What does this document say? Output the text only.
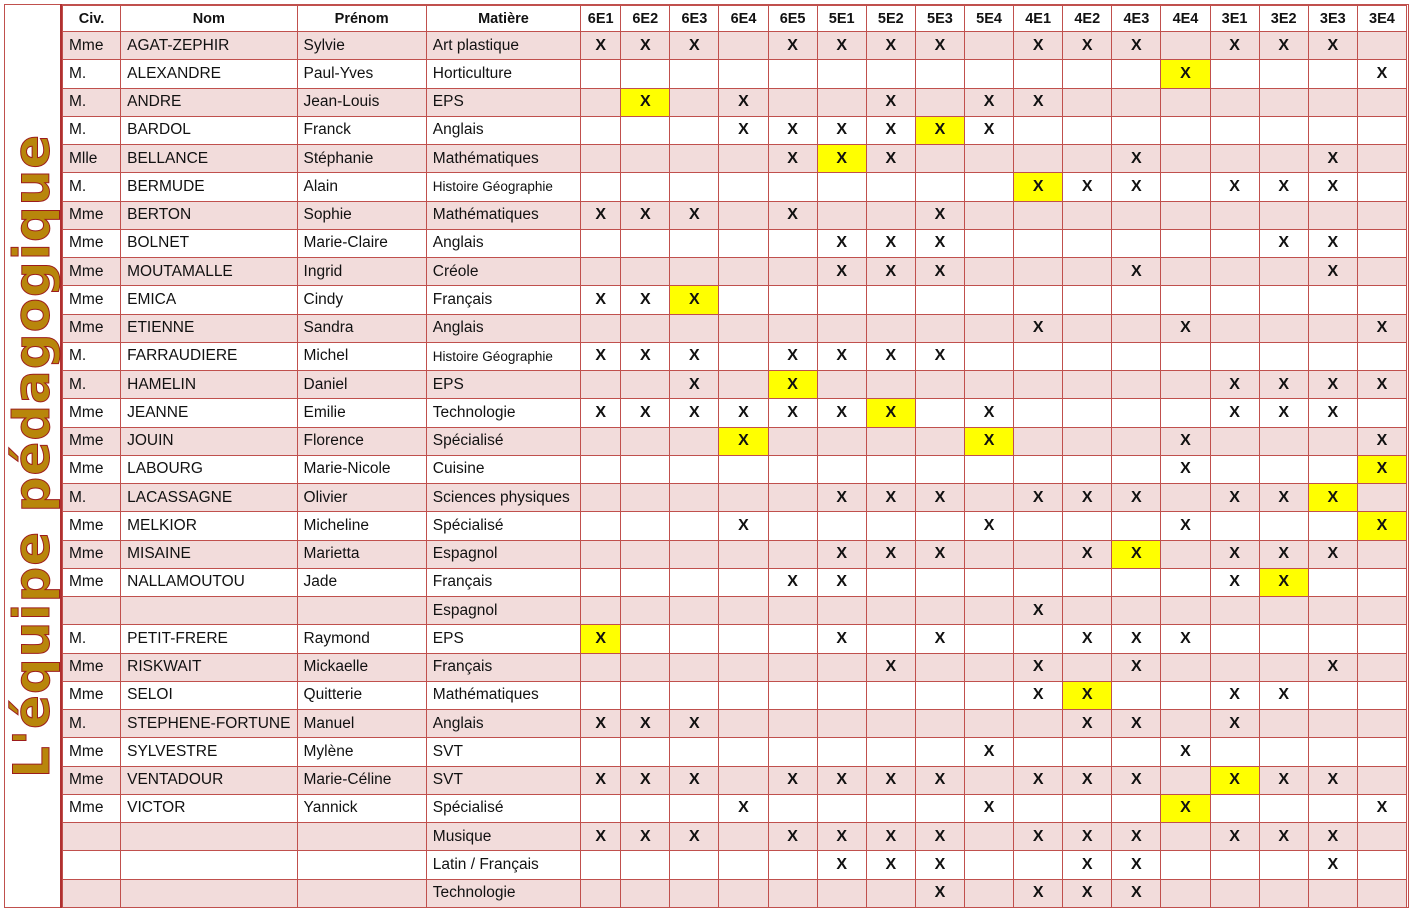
L'équipe pédagogique
Civ.	Nom	Prénom	Matière	6E1	6E2	6E3	6E4	6E5	5E1	5E2	5E3	5E4	4E1	4E2	4E3	4E4	3E1	3E2	3E3	3E4
Mme	AGAT-ZEPHIR	Sylvie	Art plastique	X	X	X		X	X	X	X		X	X	X		X	X	X	
M.	ALEXANDRE	Paul-Yves	Horticulture													X				X
M.	ANDRE	Jean-Louis	EPS		X		X			X		X	X							
M.	BARDOL	Franck	Anglais				X	X	X	X	X	X								
Mlle	BELLANCE	Stéphanie	Mathématiques					X	X	X					X				X	
M.	BERMUDE	Alain	Histoire Géographie										X	X	X		X	X	X	
Mme	BERTON	Sophie	Mathématiques	X	X	X		X			X									
Mme	BOLNET	Marie-Claire	Anglais						X	X	X							X	X	
Mme	MOUTAMALLE	Ingrid	Créole						X	X	X				X				X	
Mme	EMICA	Cindy	Français	X	X	X														
Mme	ETIENNE	Sandra	Anglais										X			X				X
M.	FARRAUDIERE	Michel	Histoire Géographie	X	X	X		X	X	X	X									
M.	HAMELIN	Daniel	EPS			X		X									X	X	X	X
Mme	JEANNE	Emilie	Technologie	X	X	X	X	X	X	X		X					X	X	X	
Mme	JOUIN	Florence	Spécialisé				X					X				X				X
Mme	LABOURG	Marie-Nicole	Cuisine													X				X
M.	LACASSAGNE	Olivier	Sciences physiques						X	X	X		X	X	X		X	X	X	
Mme	MELKIOR	Micheline	Spécialisé				X					X				X				X
Mme	MISAINE	Marietta	Espagnol						X	X	X			X	X		X	X	X	
Mme	NALLAMOUTOU	Jade	Français					X	X								X	X		
			Espagnol										X							
M.	PETIT-FRERE	Raymond	EPS	X					X		X			X	X	X				
Mme	RISKWAIT	Mickaelle	Français							X			X		X				X	
Mme	SELOI	Quitterie	Mathématiques										X	X			X	X		
M.	STEPHENE-FORTUNE	Manuel	Anglais	X	X	X								X	X		X			
Mme	SYLVESTRE	Mylène	SVT									X				X				
Mme	VENTADOUR	Marie-Céline	SVT	X	X	X		X	X	X	X		X	X	X		X	X	X	
Mme	VICTOR	Yannick	Spécialisé				X					X				X				X
			Musique	X	X	X		X	X	X	X		X	X	X		X	X	X	
			Latin / Français						X	X	X			X	X				X	
			Technologie								X		X	X	X					
